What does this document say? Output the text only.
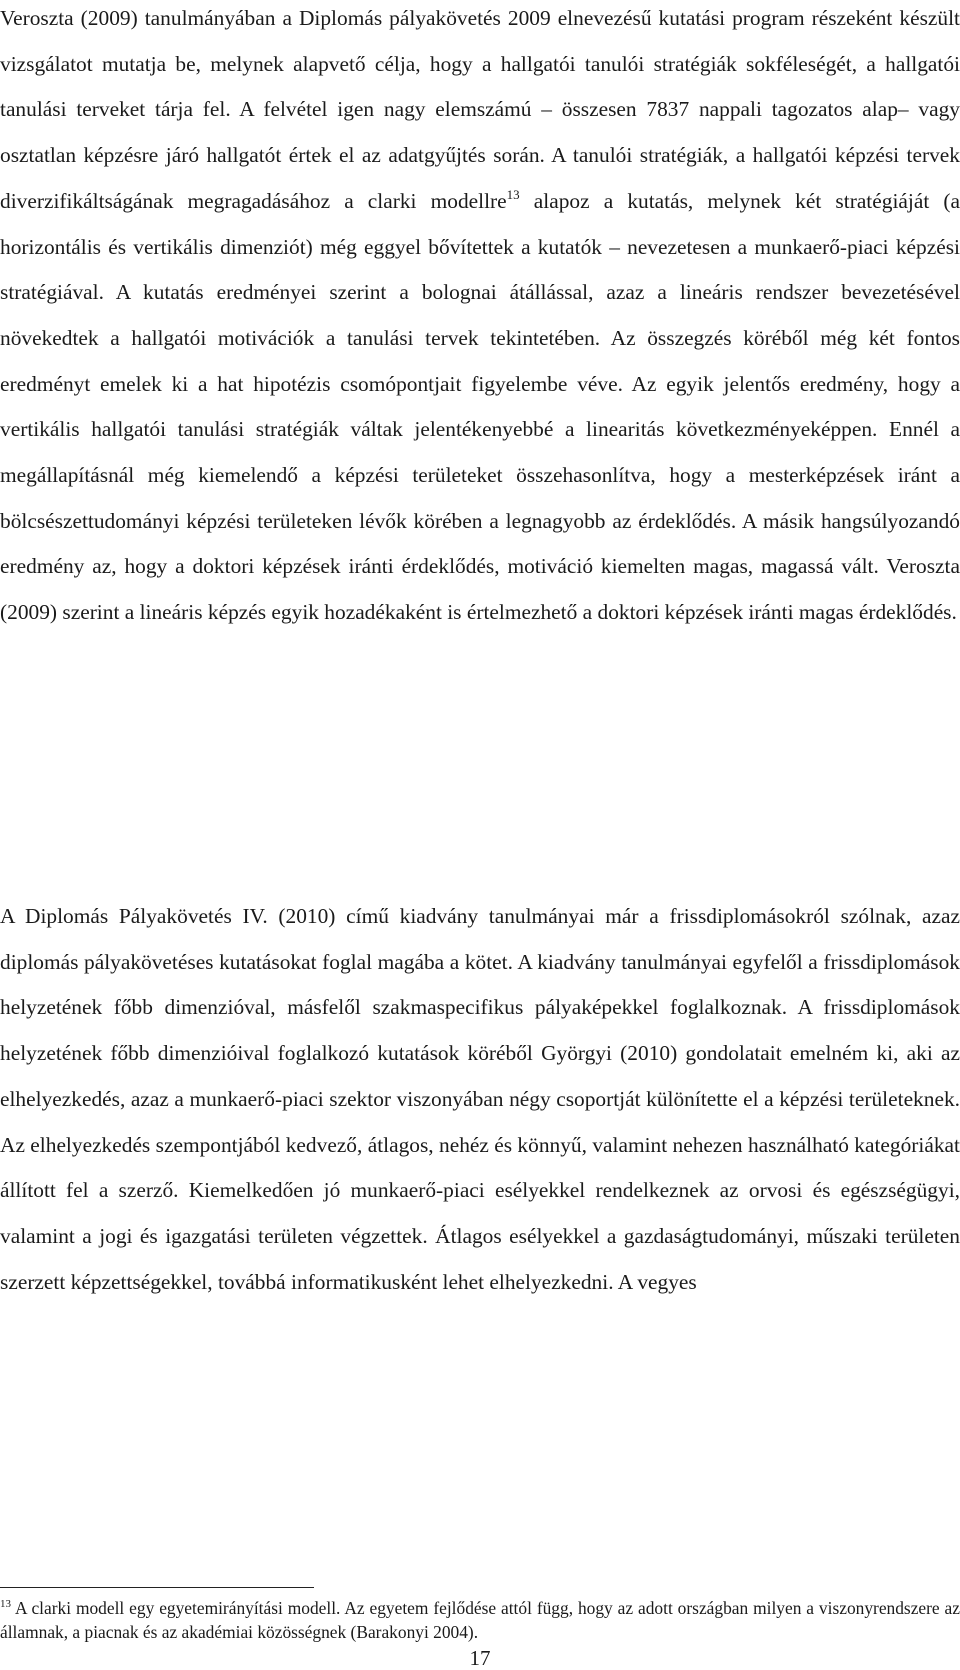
Veroszta (2009) tanulmányában a Diplomás pályakövetés 2009 elnevezésű kutatási program részeként készült vizsgálatot mutatja be, melynek alapvető célja, hogy a hallgatói tanulói stratégiák sokféleségét, a hallgatói tanulási terveket tárja fel. A felvétel igen nagy elemszámú – összesen 7837 nappali tagozatos alap– vagy osztatlan képzésre járó hallgatót értek el az adatgyűjtés során. A tanulói stratégiák, a hallgatói képzési tervek diverzifikáltságának megragadásához a clarki modellre$^{13}$ alapoz a kutatás, melynek két stratégiáját (a horizontális és vertikális dimenziót) még eggyel bővítettek a kutatók – nevezetesen a munkaerő-piaci képzési stratégiával. A kutatás eredményei szerint a bolognai átállással, azaz a lineáris rendszer bevezetésével növekedtek a hallgatói motivációk a tanulási tervek tekintetében. Az összegzés köréből még két fontos eredményt emelek ki a hat hipotézis csomópontjait figyelembe véve. Az egyik jelentős eredmény, hogy a vertikális hallgatói tanulási stratégiák váltak jelentékenyebbé a linearitás következményeképpen. Ennél a megállapításnál még kiemelendő a képzési területeket összehasonlítva, hogy a mesterképzések iránt a bölcsészettudományi képzési területeken lévők körében a legnagyobb az érdeklődés. A másik hangsúlyozandó eredmény az, hogy a doktori képzések iránti érdeklődés, motiváció kiemelten magas, magassá vált. Veroszta (2009) szerint a lineáris képzés egyik hozadékaként is értelmezhető a doktori képzések iránti magas érdeklődés.

A Diplomás Pályakövetés IV. (2010) című kiadvány tanulmányai már a frissdiplomásokról szólnak, azaz diplomás pályakövetéses kutatásokat foglal magába a kötet. A kiadvány tanulmányai egyfelől a frissdiplomások helyzetének főbb dimenzióval, másfelől szakmaspecifikus pályaképekkel foglalkoznak. A frissdiplomások helyzetének főbb dimenzióival foglalkozó kutatások köréből Györgyi (2010) gondolatait emelném ki, aki az elhelyezkedés, azaz a munkaerő-piaci szektor viszonyában négy csoportját különítette el a képzési területeknek. Az elhelyezkedés szempontjából kedvező, átlagos, nehéz és könnyű, valamint nehezen használható kategóriákat állított fel a szerző. Kiemelkedően jó munkaerő-piaci esélyekkel rendelkeznek az orvosi és egészségügyi, valamint a jogi és igazgatási területen végzettek. Átlagos esélyekkel a gazdaságtudományi, műszaki területen szerzett képzettségekkel, továbbá informatikusként lehet elhelyezkedni. A vegyes

$^{13}$ A clarki modell egy egyetemirányítási modell. Az egyetem fejlődése attól függ, hogy az adott országban milyen a viszonyrendszere az államnak, a piacnak és az akadémiai közösségnek (Barakonyi 2004).

17
